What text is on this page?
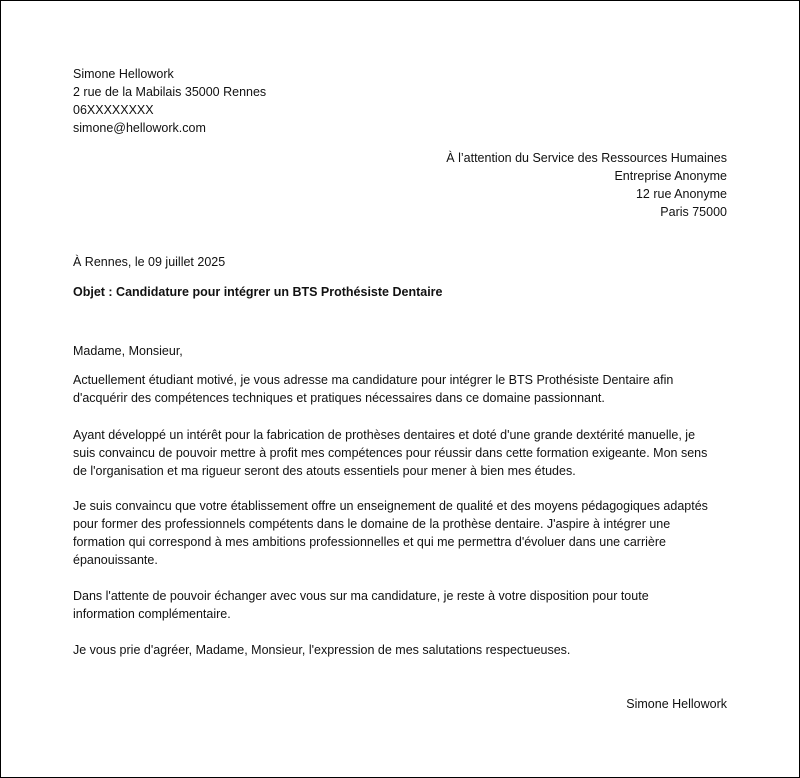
Simone Hellowork
2 rue de la Mabilais 35000 Rennes
06XXXXXXXX
simone@hellowork.com
À l’attention du Service des Ressources Humaines
Entreprise Anonyme
12 rue Anonyme
Paris 75000
À Rennes, le 09 juillet 2025
Objet : Candidature pour intégrer un BTS Prothésiste Dentaire
Madame, Monsieur,
Actuellement étudiant motivé, je vous adresse ma candidature pour intégrer le BTS Prothésiste Dentaire afin
d'acquérir des compétences techniques et pratiques nécessaires dans ce domaine passionnant.
Ayant développé un intérêt pour la fabrication de prothèses dentaires et doté d'une grande dextérité manuelle, je
suis convaincu de pouvoir mettre à profit mes compétences pour réussir dans cette formation exigeante. Mon sens
de l'organisation et ma rigueur seront des atouts essentiels pour mener à bien mes études.
Je suis convaincu que votre établissement offre un enseignement de qualité et des moyens pédagogiques adaptés
pour former des professionnels compétents dans le domaine de la prothèse dentaire. J'aspire à intégrer une
formation qui correspond à mes ambitions professionnelles et qui me permettra d'évoluer dans une carrière
épanouissante.
Dans l'attente de pouvoir échanger avec vous sur ma candidature, je reste à votre disposition pour toute
information complémentaire.
Je vous prie d'agréer, Madame, Monsieur, l'expression de mes salutations respectueuses.
Simone Hellowork
